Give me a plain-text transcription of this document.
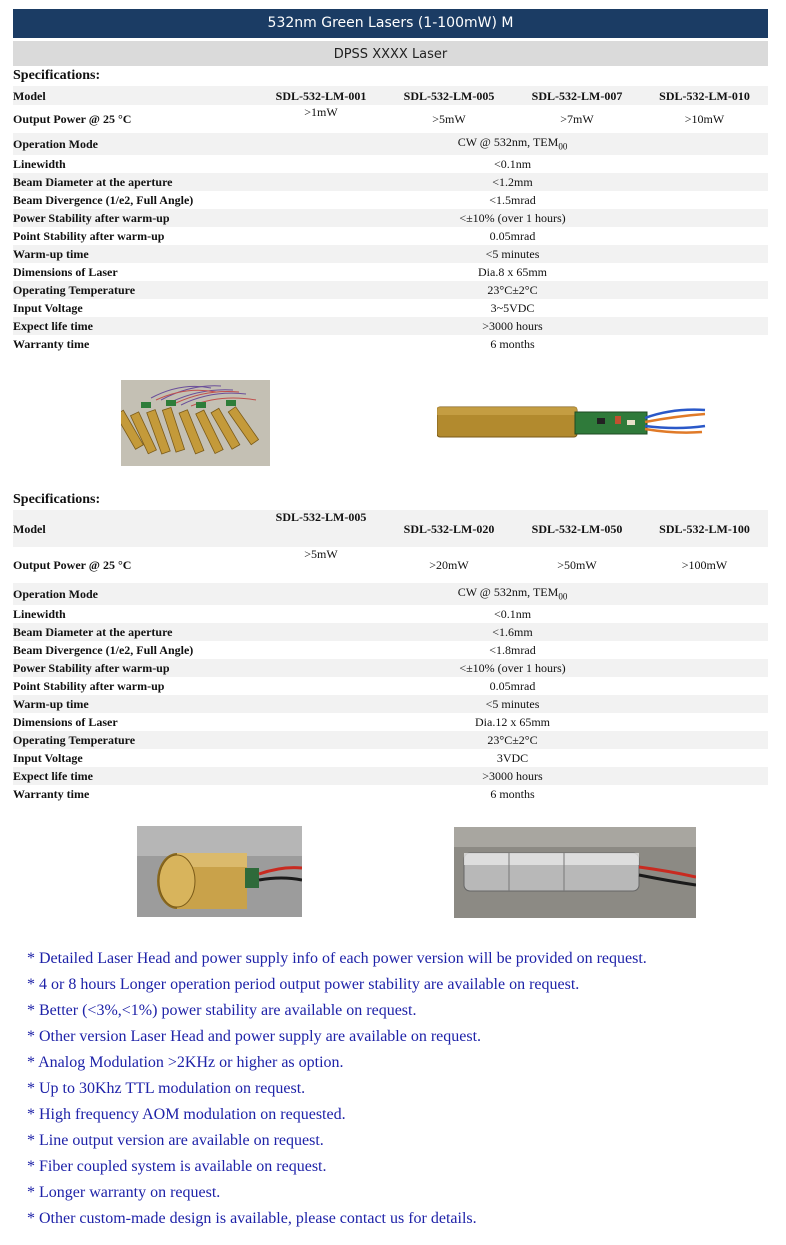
532nm Green Lasers (1-100mW) M
DPSS XXXX Laser
Specifications:
Model	SDL-532-LM-001	SDL-532-LM-005	SDL-532-LM-007	SDL-532-LM-010
Output Power @ 25 °C	>1mW	>5mW	>7mW	>10mW
Operation Mode	CW @ 532nm, $TEM_{00}$
Linewidth	<0.1nm			
Beam Diameter at the aperture	<1.2mm			
Beam Divergence (1/e2, Full Angle)	<1.5mrad			
Power Stability after warm-up	<±10% (over 1 hours)			
Point Stability after warm-up	0.05mrad			
Warm-up time	<5 minutes			
Dimensions of Laser	Dia.8 x 65mm			
Operating Temperature	23°C±2°C			
Input Voltage	3~5VDC			
Expect life time	>3000 hours			
Warranty time	6 months			
Specifications:
Model	SDL-532-LM-005	SDL-532-LM-020	SDL-532-LM-050	SDL-532-LM-100
Output Power @ 25 °C	>5mW	>20mW	>50mW	>100mW
Operation Mode	CW @ 532nm, $TEM_{00}$
Linewidth	<0.1nm			
Beam Diameter at the aperture	<1.6mm			
Beam Divergence (1/e2, Full Angle)	<1.8mrad			
Power Stability after warm-up	<±10% (over 1 hours)			
Point Stability after warm-up	0.05mrad			
Warm-up time	<5 minutes			
Dimensions of Laser	Dia.12 x 65mm			
Operating Temperature	23°C±2°C			
Input Voltage	3VDC			
Expect life time	>3000 hours			
Warranty time	6 months			
* Detailed Laser Head and power supply info of each power version will be provided on request.
* 4 or 8 hours Longer operation period output power stability are available on request.
* Better (<3%,<1%) power stability are available on request.
* Other version Laser Head and power supply are available on request.
* Analog Modulation >2KHz or higher as option.
* Up to 30Khz TTL modulation on request.
* High frequency AOM modulation on requested.
* Line output version are available on request.
* Fiber coupled system is available on request.
* Longer warranty on request.
* Other custom-made design is available, please contact us for details.
